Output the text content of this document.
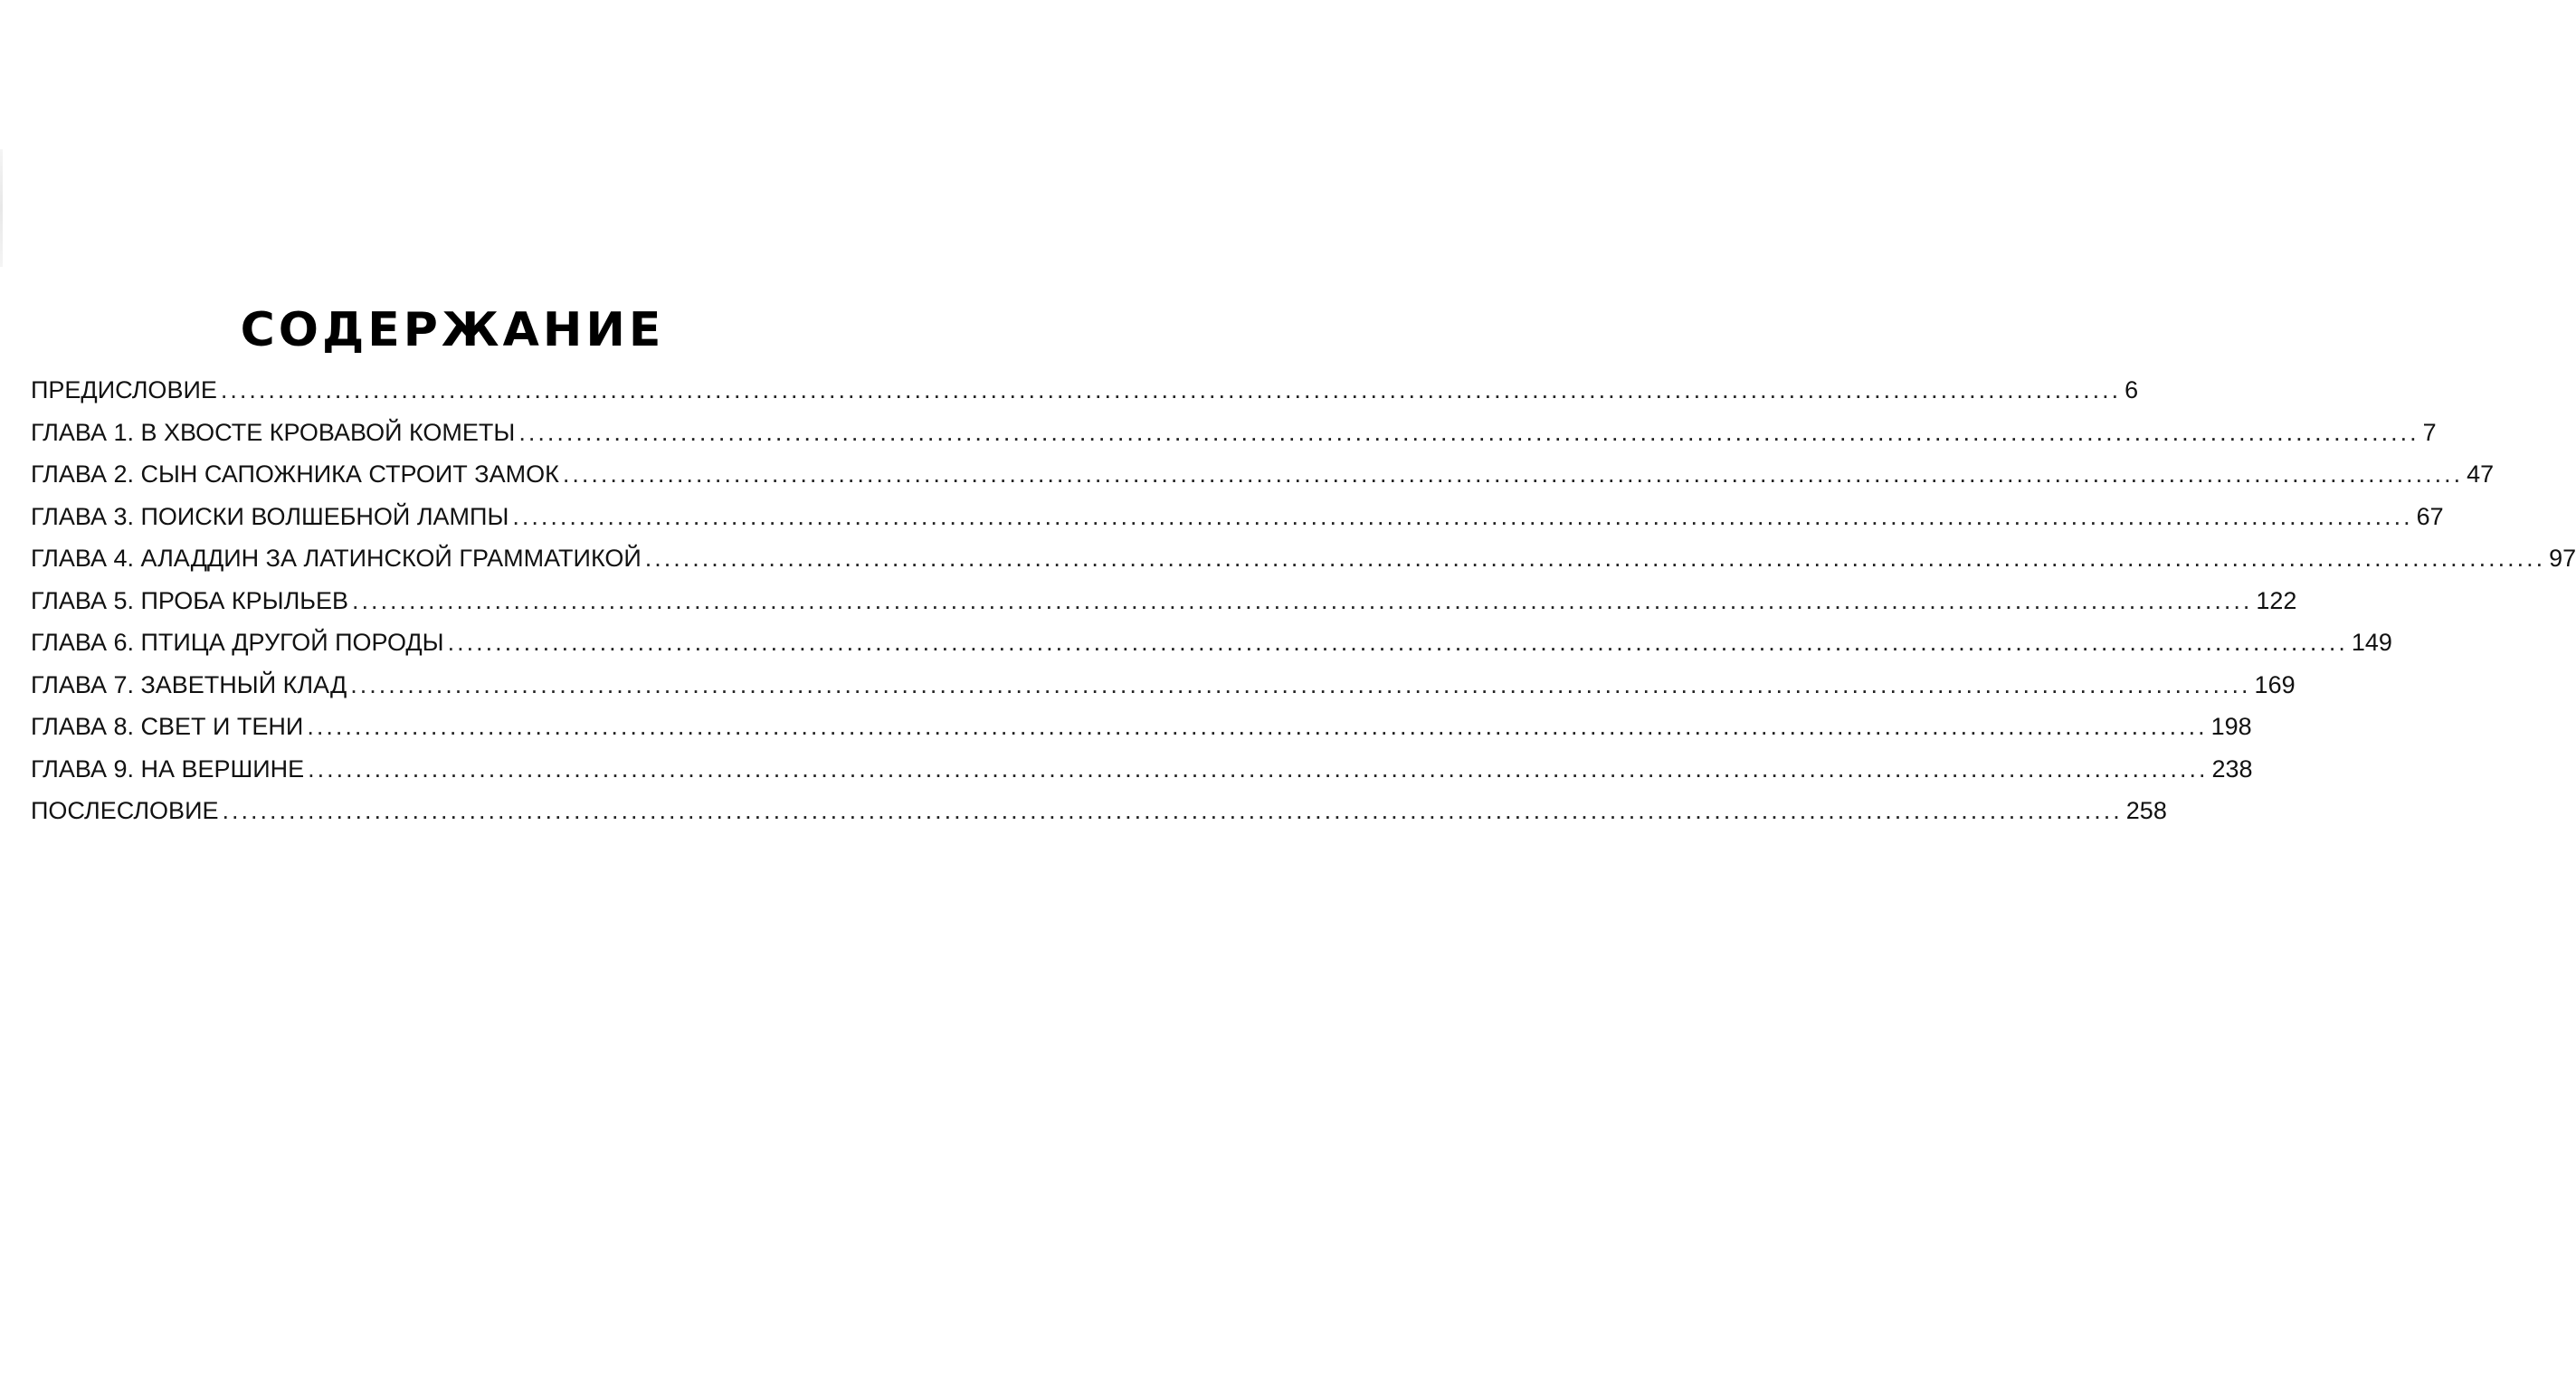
СОДЕРЖАНИЕ
ПРЕДИСЛОВИЕ ........................................................................................................................................................................................................ 6
ГЛАВА 1. В ХВОСТЕ КРОВАВОЙ КОМЕТЫ ........................................................................................................................................................................................................ 7
ГЛАВА 2. СЫН САПОЖНИКА СТРОИТ ЗАМОК ........................................................................................................................................................................................................ 47
ГЛАВА 3. ПОИСКИ ВОЛШЕБНОЙ ЛАМПЫ ........................................................................................................................................................................................................ 67
ГЛАВА 4. АЛАДДИН ЗА ЛАТИНСКОЙ ГРАММАТИКОЙ ........................................................................................................................................................................................................ 97
ГЛАВА 5. ПРОБА КРЫЛЬЕВ ........................................................................................................................................................................................................ 122
ГЛАВА 6. ПТИЦА ДРУГОЙ ПОРОДЫ ........................................................................................................................................................................................................ 149
ГЛАВА 7. ЗАВЕТНЫЙ КЛАД ........................................................................................................................................................................................................ 169
ГЛАВА 8. СВЕТ И ТЕНИ ........................................................................................................................................................................................................ 198
ГЛАВА 9. НА ВЕРШИНЕ ........................................................................................................................................................................................................ 238
ПОСЛЕСЛОВИЕ ........................................................................................................................................................................................................ 258
